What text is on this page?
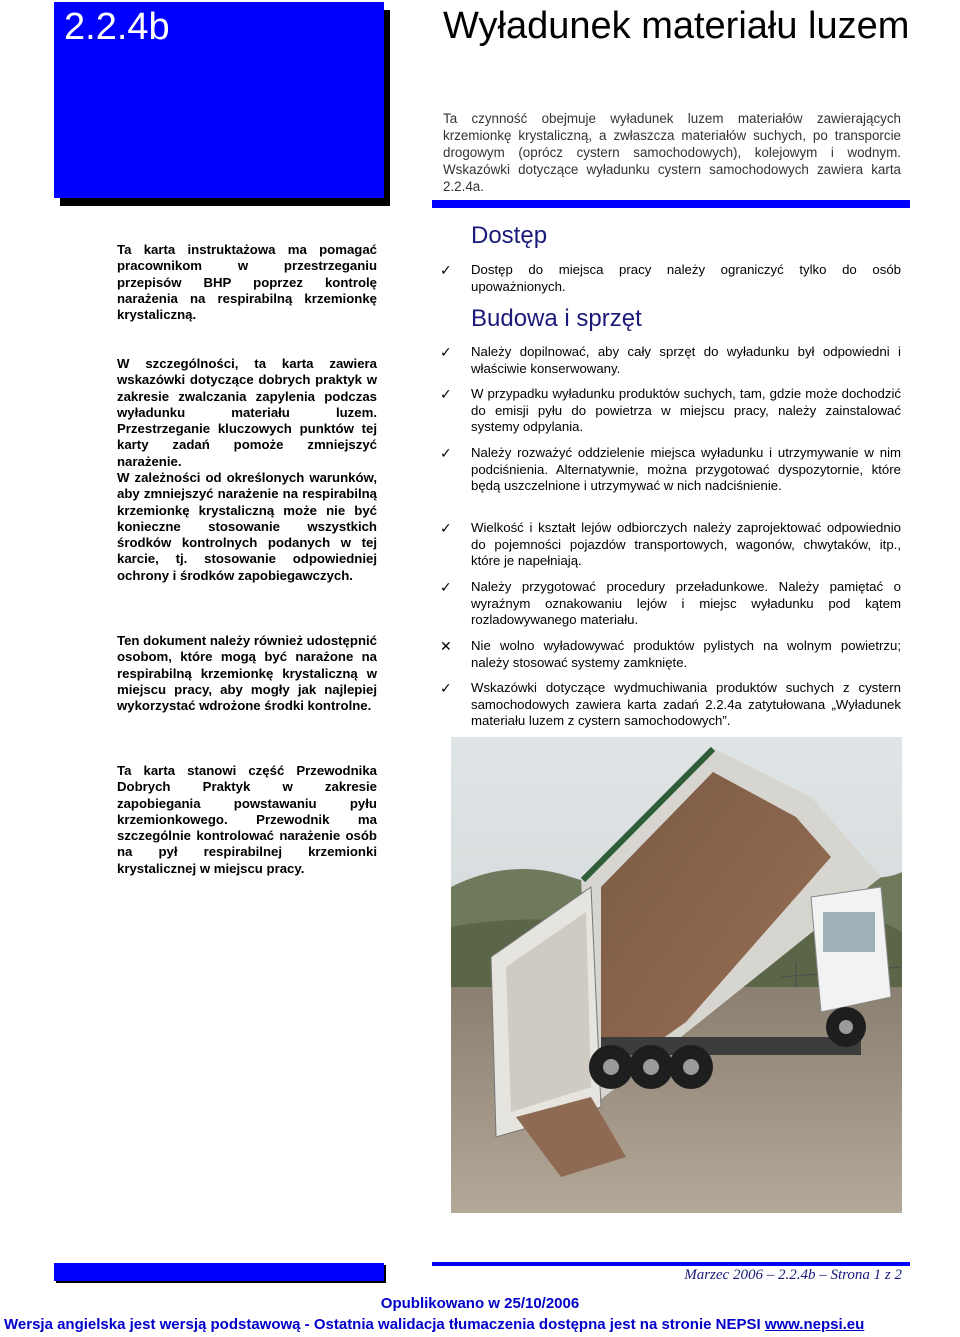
2.2.4b	Wyładunek materiału luzem
Ta czynność obejmuje wyładunek luzem materiałów zawierających krzemionkę krystaliczną, a zwłaszcza materiałów suchych, po transporcie drogowym (oprócz cystern samochodowych), kolejowym i wodnym. Wskazówki dotyczące wyładunku cystern samochodowych zawiera karta 2.2.4a.
Ta karta instruktażowa ma pomagać pracownikom w przestrzeganiu przepisów BHP poprzez kontrolę narażenia na respirabilną krzemionkę krystaliczną.
W szczególności, ta karta zawiera wskazówki dotyczące dobrych praktyk w zakresie zwalczania zapylenia podczas wyładunku materiału luzem. Przestrzeganie kluczowych punktów tej karty zadań pomoże zmniejszyć narażenie.
W zależności od określonych warunków, aby zmniejszyć narażenie na respirabilną krzemionkę krystaliczną może nie być konieczne stosowanie wszystkich środków kontrolnych podanych w tej karcie, tj. stosowanie odpowiedniej ochrony i środków zapobiegawczych.
Ten dokument należy również udostępnić osobom, które mogą być narażone na respirabilną krzemionkę krystaliczną w miejscu pracy, aby mogły jak najlepiej wykorzystać wdrożone środki kontrolne.
Ta karta stanowi część Przewodnika Dobrych Praktyk w zakresie zapobiegania powstawaniu pyłu krzemionkowego. Przewodnik ma szczególnie kontrolować narażenie osób na pył respirabilnej krzemionki krystalicznej w miejscu pracy.
Dostęp
✓	Dostęp do miejsca pracy należy ograniczyć tylko do osób upoważnionych.
Budowa i sprzęt
✓	Należy dopilnować, aby cały sprzęt do wyładunku był odpowiedni i właściwie konserwowany.
✓	W przypadku wyładunku produktów suchych, tam, gdzie może dochodzić do emisji pyłu do powietrza w miejscu pracy, należy zainstalować systemy odpylania.
✓	Należy rozważyć oddzielenie miejsca wyładunku i utrzymywanie w nim podciśnienia. Alternatywnie, można przygotować dyspozytornie, które będą uszczelnione i utrzymywać w nich nadciśnienie.
✓	Wielkość i kształt lejów odbiorczych należy zaprojektować odpowiednio do pojemności pojazdów transportowych, wagonów, chwytaków, itp., które je napełniają.
✓	Należy przygotować procedury przeładunkowe. Należy pamiętać o wyraźnym oznakowaniu lejów i miejsc wyładunku pod kątem rozladowywanego materiału.
✕	Nie wolno wyładowywać produktów pylistych na wolnym powietrzu; należy stosować systemy zamknięte.
✓	Wskazówki dotyczące wydmuchiwania produktów suchych z cystern samochodowych zawiera karta zadań 2.2.4a zatytułowana „Wyładunek materiału luzem z cystern samochodowych”.
Marzec 2006 – 2.2.4b – Strona 1 z 2
Opublikowano w 25/10/2006
Wersja angielska jest wersją podstawową - Ostatnia walidacja tłumaczenia dostępna jest na stronie NEPSI www.nepsi.eu
